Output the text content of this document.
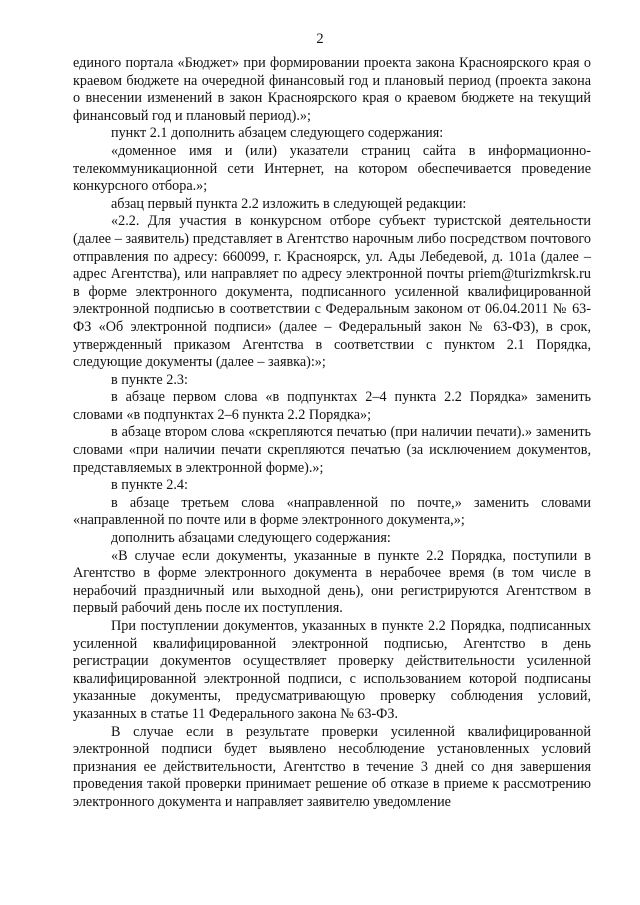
2

единого портала «Бюджет» при формировании проекта закона Красноярского края о краевом бюджете на очередной финансовый год и плановый период (проекта закона о внесении изменений в закон Красноярского края о краевом бюджете на текущий финансовый год и плановый период).»;

пункт 2.1 дополнить абзацем следующего содержания:

«доменное имя и (или) указатели страниц сайта в информационно-телекоммуникационной сети Интернет, на котором обеспечивается проведение конкурсного отбора.»;

абзац первый пункта 2.2 изложить в следующей редакции:

«2.2. Для участия в конкурсном отборе субъект туристской деятельности (далее – заявитель) представляет в Агентство нарочным либо посредством почтового отправления по адресу: 660099, г. Красноярск, ул. Ады Лебедевой, д. 101а (далее – адрес Агентства), или направляет по адресу электронной почты priem@turizmkrsk.ru в форме электронного документа, подписанного усиленной квалифицированной электронной подписью в соответствии с Федеральным законом от 06.04.2011 № 63-ФЗ «Об электронной подписи» (далее – Федеральный закон № 63-ФЗ), в срок, утвержденный приказом Агентства в соответствии с пунктом 2.1 Порядка, следующие документы (далее – заявка):»;

в пункте 2.3:

в абзаце первом слова «в подпунктах 2–4 пункта 2.2 Порядка» заменить словами «в подпунктах 2–6 пункта 2.2 Порядка»;

в абзаце втором слова «скрепляются печатью (при наличии печати).» заменить словами «при наличии печати скрепляются печатью (за исключением документов, представляемых в электронной форме).»;

в пункте 2.4:

в абзаце третьем слова «направленной по почте,» заменить словами «направленной по почте или в форме электронного документа,»;

дополнить абзацами следующего содержания:

«В случае если документы, указанные в пункте 2.2 Порядка, поступили в Агентство в форме электронного документа в нерабочее время (в том числе в нерабочий праздничный или выходной день), они регистрируются Агентством в первый рабочий день после их поступления.

При поступлении документов, указанных в пункте 2.2 Порядка, подписанных усиленной квалифицированной электронной подписью, Агентство в день регистрации документов осуществляет проверку действительности усиленной квалифицированной электронной подписи, с использованием которой подписаны указанные документы, предусматривающую проверку соблюдения условий, указанных в статье 11 Федерального закона № 63-ФЗ.

В случае если в результате проверки усиленной квалифицированной электронной подписи будет выявлено несоблюдение установленных условий признания ее действительности, Агентство в течение 3 дней со дня завершения проведения такой проверки принимает решение об отказе в приеме к рассмотрению электронного документа и направляет заявителю уведомление
